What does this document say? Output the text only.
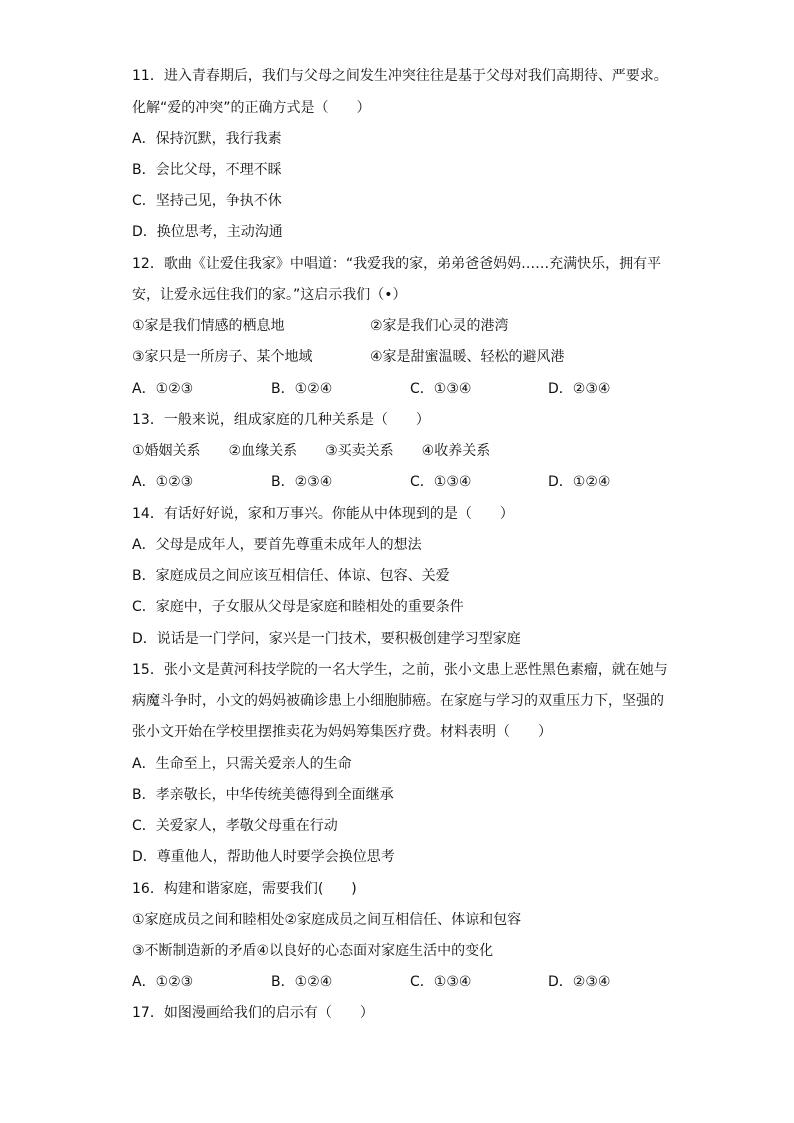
11．进入青春期后，我们与父母之间发生冲突往往是基于父母对我们高期待、严要求。
化解“爱的冲突”的正确方式是（　　）
A．保持沉默，我行我素
B．会比父母，不理不睬
C．坚持己见，争执不休
D．换位思考，主动沟通
12．歌曲《让爱住我家》中唱道：“我爱我的家，弟弟爸爸妈妈……充满快乐，拥有平
安，让爱永远住我们的家。”这启示我们（•）
①家是我们情感的栖息地	②家是我们心灵的港湾
③家只是一所房子、某个地域	④家是甜蜜温暖、轻松的避风港
A．①②③	B．①②④	C．①③④	D．②③④
13．一般来说，组成家庭的几种关系是（　　）
①婚姻关系　　②血缘关系　　③买卖关系　　④收养关系
A．①②③	B．②③④	C．①③④	D．①②④
14．有话好好说，家和万事兴。你能从中体现到的是（　　）
A．父母是成年人，要首先尊重未成年人的想法
B．家庭成员之间应该互相信任、体谅、包容、关爱
C．家庭中，子女服从父母是家庭和睦相处的重要条件
D．说话是一门学问，家兴是一门技术，要积极创建学习型家庭
15．张小文是黄河科技学院的一名大学生，之前，张小文患上恶性黑色素瘤，就在她与
病魔斗争时，小文的妈妈被确诊患上小细胞肺癌。在家庭与学习的双重压力下，坚强的
张小文开始在学校里摆推卖花为妈妈筹集医疗费。材料表明（　　）
A．生命至上，只需关爱亲人的生命
B．孝亲敬长，中华传统美德得到全面继承
C．关爱家人，孝敬父母重在行动
D．尊重他人，帮助他人时要学会换位思考
16．构建和谐家庭，需要我们(　　)
①家庭成员之间和睦相处②家庭成员之间互相信任、体谅和包容
③不断制造新的矛盾④以良好的心态面对家庭生活中的变化
A．①②③	B．①②④	C．①③④	D．②③④
17．如图漫画给我们的启示有（　　）
